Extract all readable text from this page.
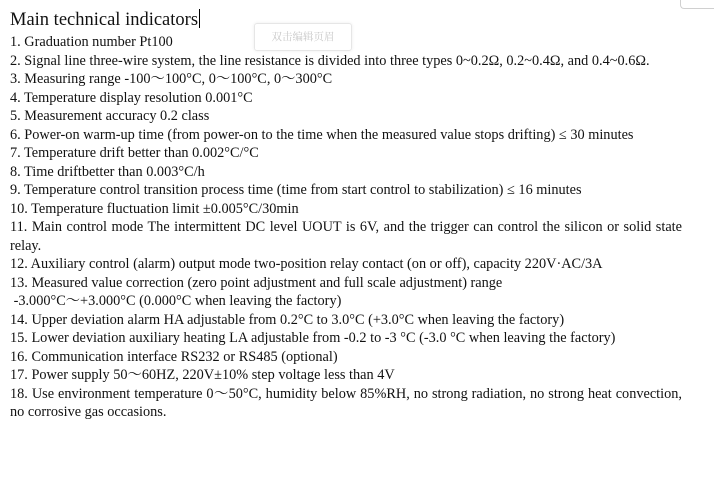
双击编辑页眉
Main technical indicators

1. Graduation number Pt100

2. Signal line three-wire system, the line resistance is divided into three types 0~0.2Ω, 0.2~0.4Ω, and 0.4~0.6Ω.

3. Measuring range -100～100°C, 0～100°C, 0～300°C

4. Temperature display resolution 0.001°C

5. Measurement accuracy 0.2 class

6. Power-on warm-up time (from power-on to the time when the measured value stops drifting) ≤ 30 minutes

7. Temperature drift better than 0.002°C/°C

8. Time driftbetter than 0.003°C/h

9. Temperature control transition process time (time from start control to stabilization) ≤ 16 minutes

10. Temperature fluctuation limit ±0.005°C/30min

11. Main control mode The intermittent DC level UOUT is 6V, and the trigger can control the silicon or solid state relay.

12. Auxiliary control (alarm) output mode two-position relay contact (on or off), capacity 220V·AC/3A

13. Measured value correction (zero point adjustment and full scale adjustment) range

-3.000°C～+3.000°C (0.000°C when leaving the factory)

14. Upper deviation alarm HA adjustable from 0.2°C to 3.0°C (+3.0°C when leaving the factory)

15. Lower deviation auxiliary heating LA adjustable from -0.2 to -3 °C (-3.0 °C when leaving the factory)

16. Communication interface RS232 or RS485 (optional)

17. Power supply 50～60HZ, 220V±10% step voltage less than 4V

18. Use environment temperature 0～50°C, humidity below 85%RH, no strong radiation, no strong heat convection, no corrosive gas occasions.
